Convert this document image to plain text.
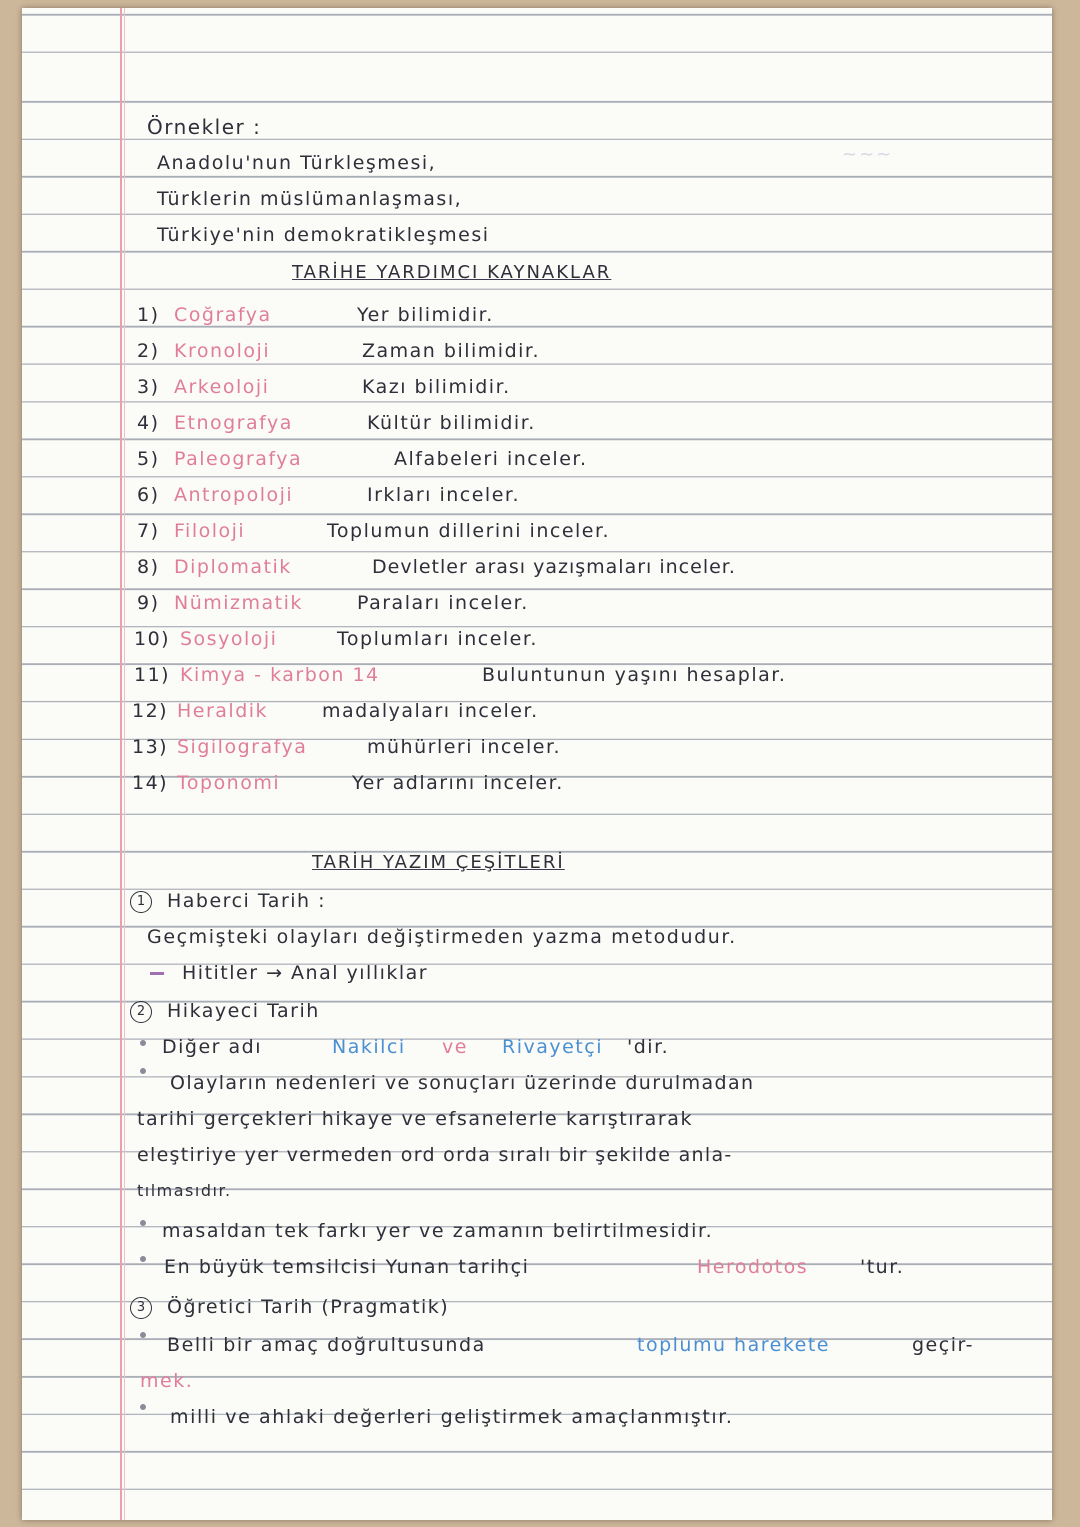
~~~
Örnekler :
Anadolu'nun Türkleşmesi,
Türklerin müslümanlaşması,
Türkiye'nin demokratikleşmesi
TARİHE YARDIMCI KAYNAKLAR
1) Coğrafya	Yer bilimidir.
2) Kronoloji	Zaman bilimidir.
3) Arkeoloji	Kazı bilimidir.
4) Etnografya	Kültür bilimidir.
5) Paleografya	Alfabeleri inceler.
6) Antropoloji	Irkları inceler.
7) Filoloji	Toplumun dillerini inceler.
8) Diplomatik	Devletler arası yazışmaları inceler.
9) Nümizmatik	Paraları inceler.
10) Sosyoloji	Toplumları inceler.
11) Kimya - karbon 14	Buluntunun yaşını hesaplar.
12) Heraldik	madalyaları inceler.
13) Sigilografya	mühürleri inceler.
14) Toponomi	Yer adlarını inceler.
TARİH YAZIM ÇEŞİTLERİ
1	Haberci Tarih :
Geçmişteki olayları değiştirmeden yazma metodudur.
Hititler → Anal yıllıklar
2	Hikayeci Tarih
Diğer adı	Nakilci ve Rivayetçi 'dir.
Olayların nedenleri ve sonuçları üzerinde durulmadan
tarihi gerçekleri hikaye ve efsanelerle karıştırarak
eleştiriye yer vermeden ord orda sıralı bir şekilde anla-
tılmasıdır.
masaldan tek farkı yer ve zamanın belirtilmesidir.
En büyük temsilcisi Yunan tarihçi	Herodotos	'tur.
3	Öğretici Tarih (Pragmatik)
Belli bir amaç doğrultusunda	toplumu harekete	geçir-
mek.
milli ve ahlaki değerleri geliştirmek amaçlanmıştır.
